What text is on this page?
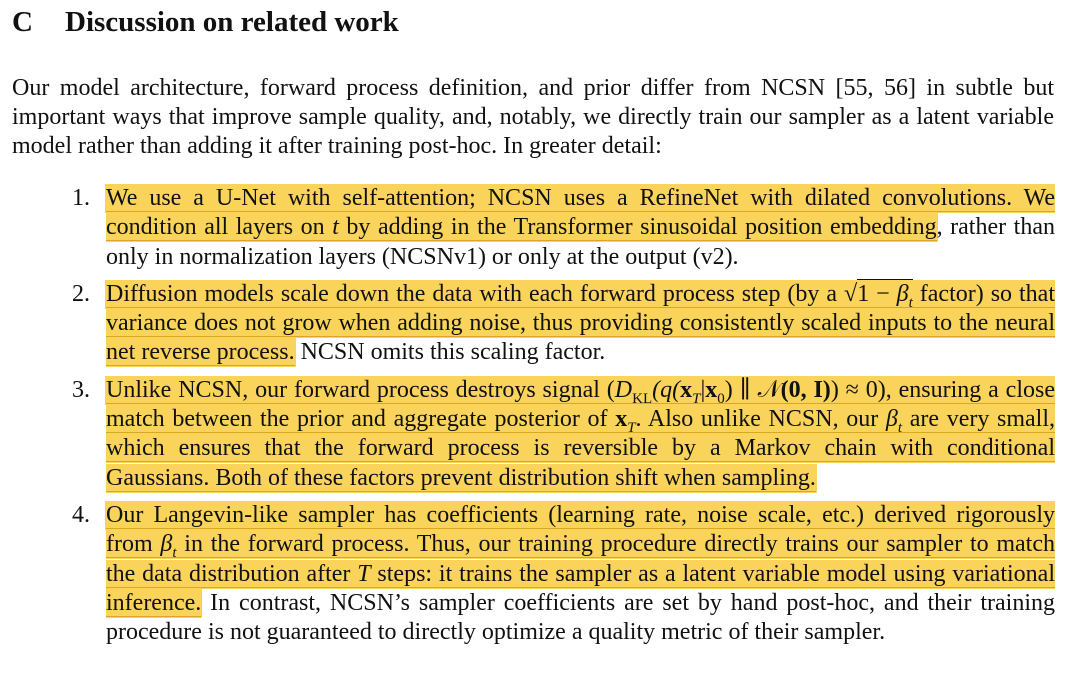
C	Discussion on related work

Our model architecture, forward process definition, and prior differ from NCSN [55, 56] in subtle but important ways that improve sample quality, and, notably, we directly train our sampler as a latent variable model rather than adding it after training post-hoc. In greater detail:

1. We use a U-Net with self-attention; NCSN uses a RefineNet with dilated convolutions. We condition all layers on t by adding in the Transformer sinusoidal position embedding, rather than only in normalization layers (NCSNv1) or only at the output (v2).
2. Diffusion models scale down the data with each forward process step (by a $√1 - \beta_t$ factor) so that variance does not grow when adding noise, thus providing consistently scaled inputs to the neural net reverse process. NCSN omits this scaling factor.
3. Unlike NCSN, our forward process destroys signal ($D_{KL}(q(x_T|x_0)$ ∥ 𝒩(0, I)) ≈ 0), ensuring a close match between the prior and aggregate posterior of $x_T$. Also unlike NCSN, our $\beta_t$ are very small, which ensures that the forward process is reversible by a Markov chain with conditional Gaussians. Both of these factors prevent distribution shift when sampling.
4. Our Langevin-like sampler has coefficients (learning rate, noise scale, etc.) derived rigorously from $\beta_t$ in the forward process. Thus, our training procedure directly trains our sampler to match the data distribution after T steps: it trains the sampler as a latent variable model using variational inference. In contrast, NCSN’s sampler coefficients are set by hand post-hoc, and their training procedure is not guaranteed to directly optimize a quality metric of their sampler.
